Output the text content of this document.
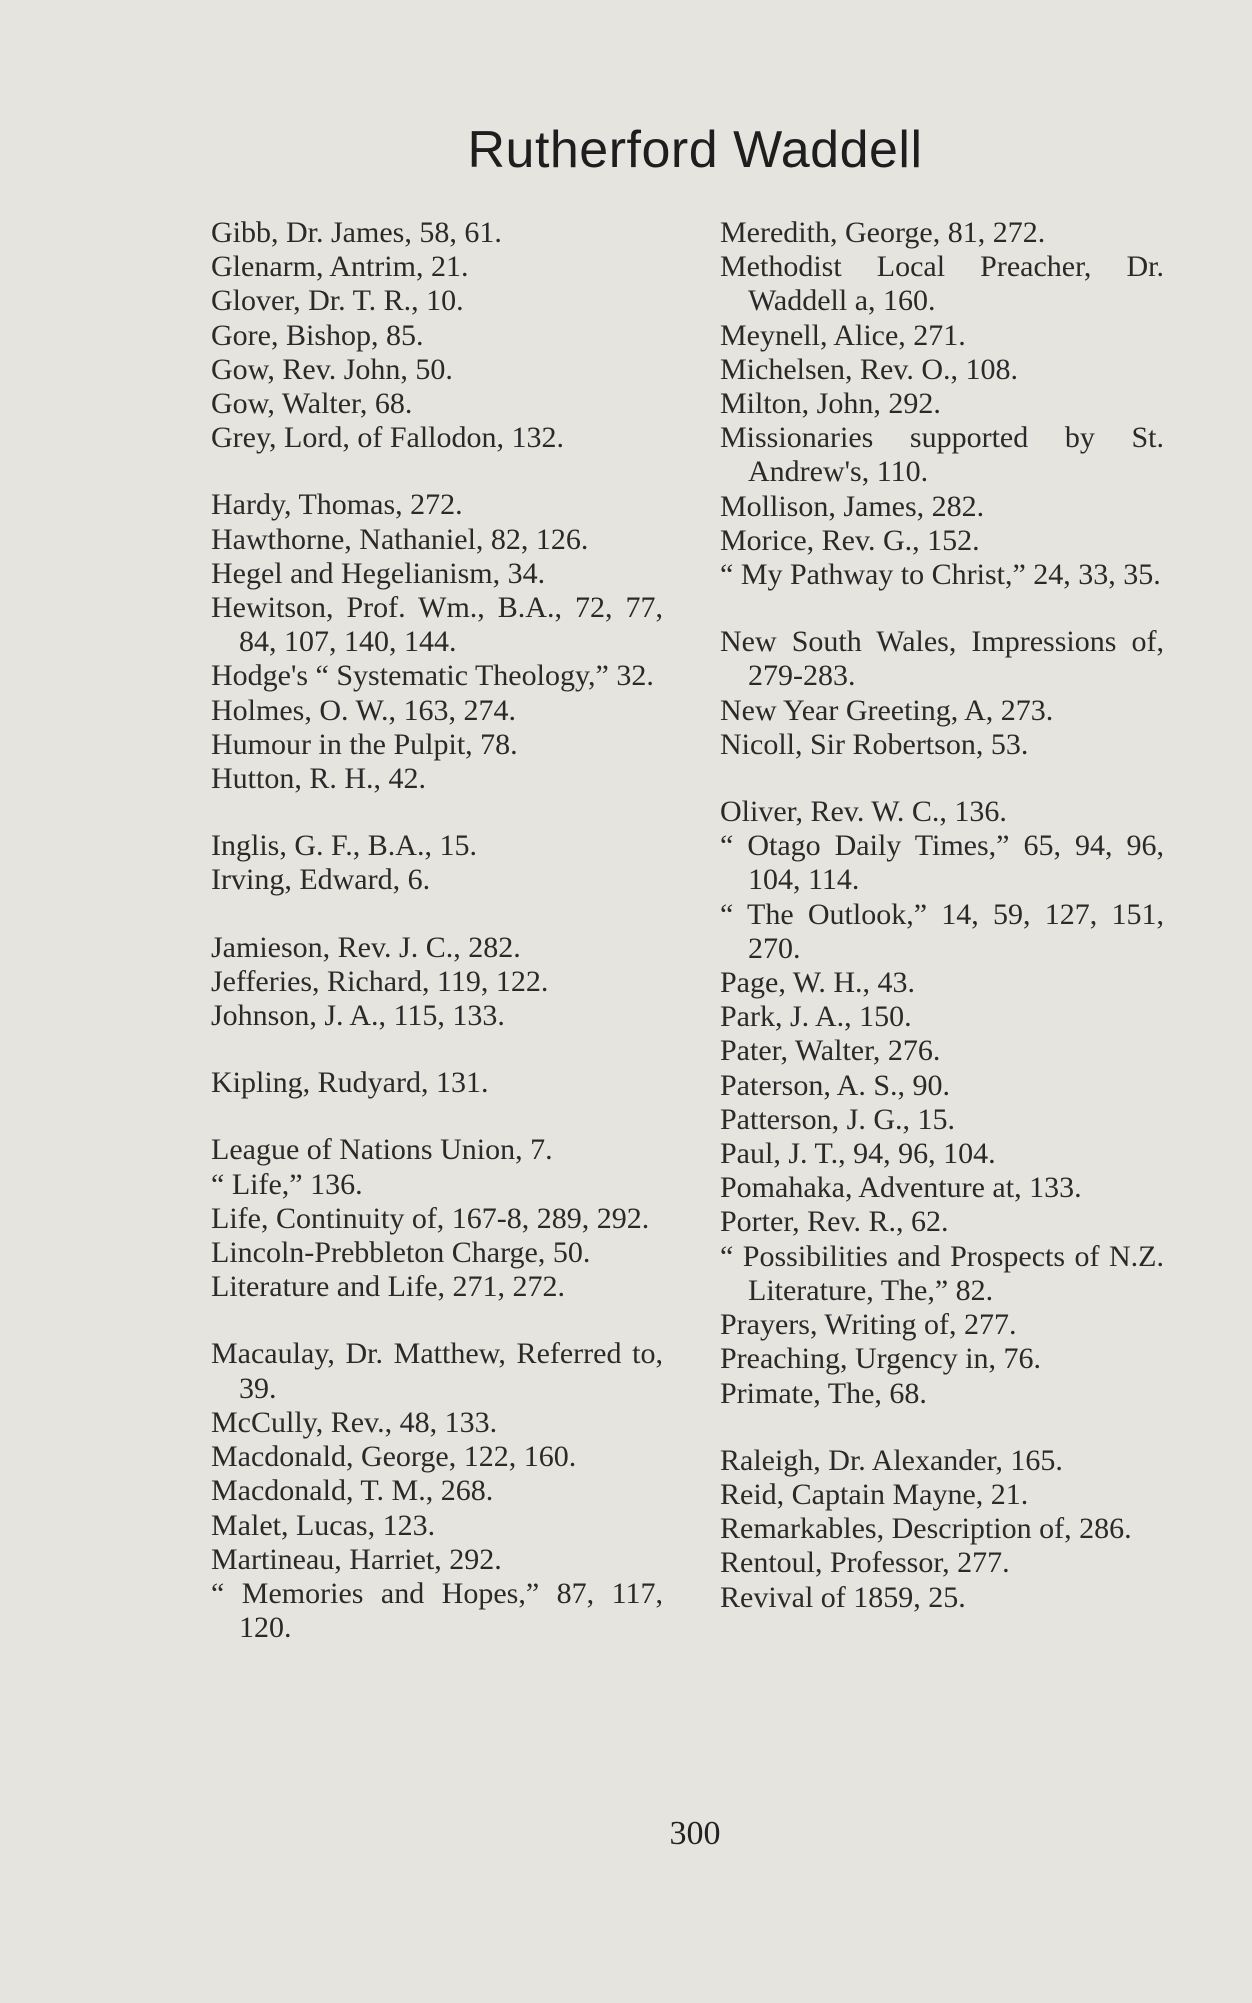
Rutherford Waddell

Gibb, Dr. James, 58, 61.

Glenarm, Antrim, 21.

Glover, Dr. T. R., 10.

Gore, Bishop, 85.

Gow, Rev. John, 50.

Gow, Walter, 68.

Grey, Lord, of Fallodon, 132.

Hardy, Thomas, 272.

Hawthorne, Nathaniel, 82, 126.

Hegel and Hegelianism, 34.

Hewitson, Prof. Wm., B.A., 72, 77, 84, 107, 140, 144.

Hodge's “ Systematic Theology,” 32.

Holmes, O. W., 163, 274.

Humour in the Pulpit, 78.

Hutton, R. H., 42.

Inglis, G. F., B.A., 15.

Irving, Edward, 6.

Jamieson, Rev. J. C., 282.

Jefferies, Richard, 119, 122.

Johnson, J. A., 115, 133.

Kipling, Rudyard, 131.

League of Nations Union, 7.

“ Life,” 136.

Life, Continuity of, 167-8, 289, 292.

Lincoln-Prebbleton Charge, 50.

Literature and Life, 271, 272.

Macaulay, Dr. Matthew, Referred to, 39.

McCully, Rev., 48, 133.

Macdonald, George, 122, 160.

Macdonald, T. M., 268.

Malet, Lucas, 123.

Martineau, Harriet, 292.

“ Memories and Hopes,” 87, 117, 120.

Meredith, George, 81, 272.

Methodist Local Preacher, Dr. Waddell a, 160.

Meynell, Alice, 271.

Michelsen, Rev. O., 108.

Milton, John, 292.

Missionaries supported by St. Andrew's, 110.

Mollison, James, 282.

Morice, Rev. G., 152.

“ My Pathway to Christ,” 24, 33, 35.

New South Wales, Impressions of, 279-283.

New Year Greeting, A, 273.

Nicoll, Sir Robertson, 53.

Oliver, Rev. W. C., 136.

“ Otago Daily Times,” 65, 94, 96, 104, 114.

“ The Outlook,” 14, 59, 127, 151, 270.

Page, W. H., 43.

Park, J. A., 150.

Pater, Walter, 276.

Paterson, A. S., 90.

Patterson, J. G., 15.

Paul, J. T., 94, 96, 104.

Pomahaka, Adventure at, 133.

Porter, Rev. R., 62.

“ Possibilities and Prospects of N.Z. Literature, The,” 82.

Prayers, Writing of, 277.

Preaching, Urgency in, 76.

Primate, The, 68.

Raleigh, Dr. Alexander, 165.

Reid, Captain Mayne, 21.

Remarkables, Description of, 286.

Rentoul, Professor, 277.

Revival of 1859, 25.

300
